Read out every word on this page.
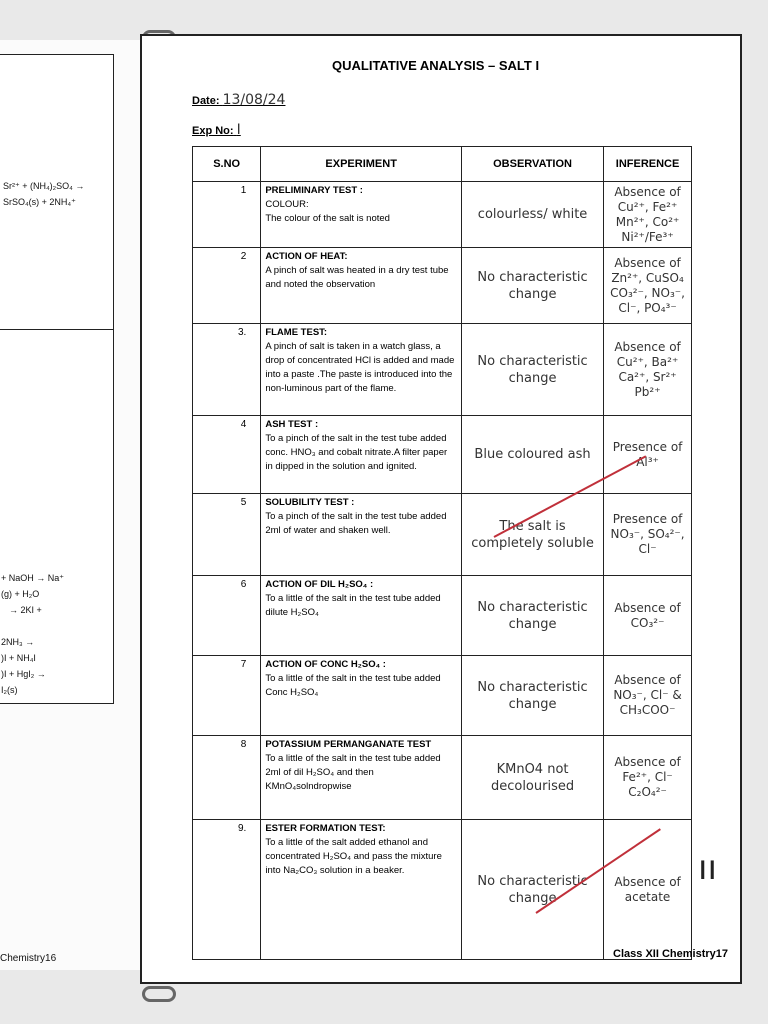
Sr²⁺ + (NH₄)₂SO₄ →
SrSO₄(s) + 2NH₄⁺
+ NaOH → Na⁺
(g) + H₂O
→ 2KI +
2NH₃ →
)I + NH₄I
)I + HgI₂ →
I₂(s)
Chemistry16
QUALITATIVE ANALYSIS – SALT I
Date: 13/08/24
Exp No: I
S.NO	EXPERIMENT	OBSERVATION	INFERENCE
1	PRELIMINARY TEST :
COLOUR:
The colour of the salt is noted	colourless/ white	Absence of Cu²⁺, Fe²⁺ Mn²⁺, Co²⁺ Ni²⁺/Fe³⁺
2	ACTION OF HEAT:
A pinch of salt was heated in a dry test tube and noted the observation	No characteristic change	Absence of Zn²⁺, CuSO₄ CO₃²⁻, NO₃⁻, Cl⁻, PO₄³⁻
3.	FLAME TEST:
A pinch of salt is taken in a watch glass, a drop of concentrated HCl is added and made into a paste .The paste is introduced into the non-luminous part of the flame.	No characteristic change	Absence of Cu²⁺, Ba²⁺ Ca²⁺, Sr²⁺ Pb²⁺
4	ASH TEST :
To a pinch of the salt in the test tube added conc. HNO₃ and cobalt nitrate.A filter paper in dipped in the solution and ignited.	Blue coloured ash	Presence of Al³⁺
5	SOLUBILITY TEST :
To a pinch of the salt in the test tube added 2ml of water and shaken well.	The salt is completely soluble	Presence of NO₃⁻, SO₄²⁻, Cl⁻
6	ACTION OF DIL H₂SO₄ :
To a little of the salt in the test tube added dilute H₂SO₄	No characteristic change	Absence of CO₃²⁻
7	ACTION OF CONC H₂SO₄ :
To a little of the salt in the test tube added Conc H₂SO₄	No characteristic change	Absence of NO₃⁻, Cl⁻ & CH₃COO⁻
8	POTASSIUM PERMANGANATE TEST
To a little of the salt in the test tube added 2ml of dil H₂SO₄ and then KMnO₄solndropwise	KMnO4 not decolourised	Absence of Fe²⁺, Cl⁻ C₂O₄²⁻
9.	ESTER FORMATION TEST:
To a little of the salt added ethanol and concentrated H₂SO₄ and pass the mixture into Na₂CO₃ solution in a beaker.	No characteristic change	Absence of acetate
ıı
Class XII Chemistry17
